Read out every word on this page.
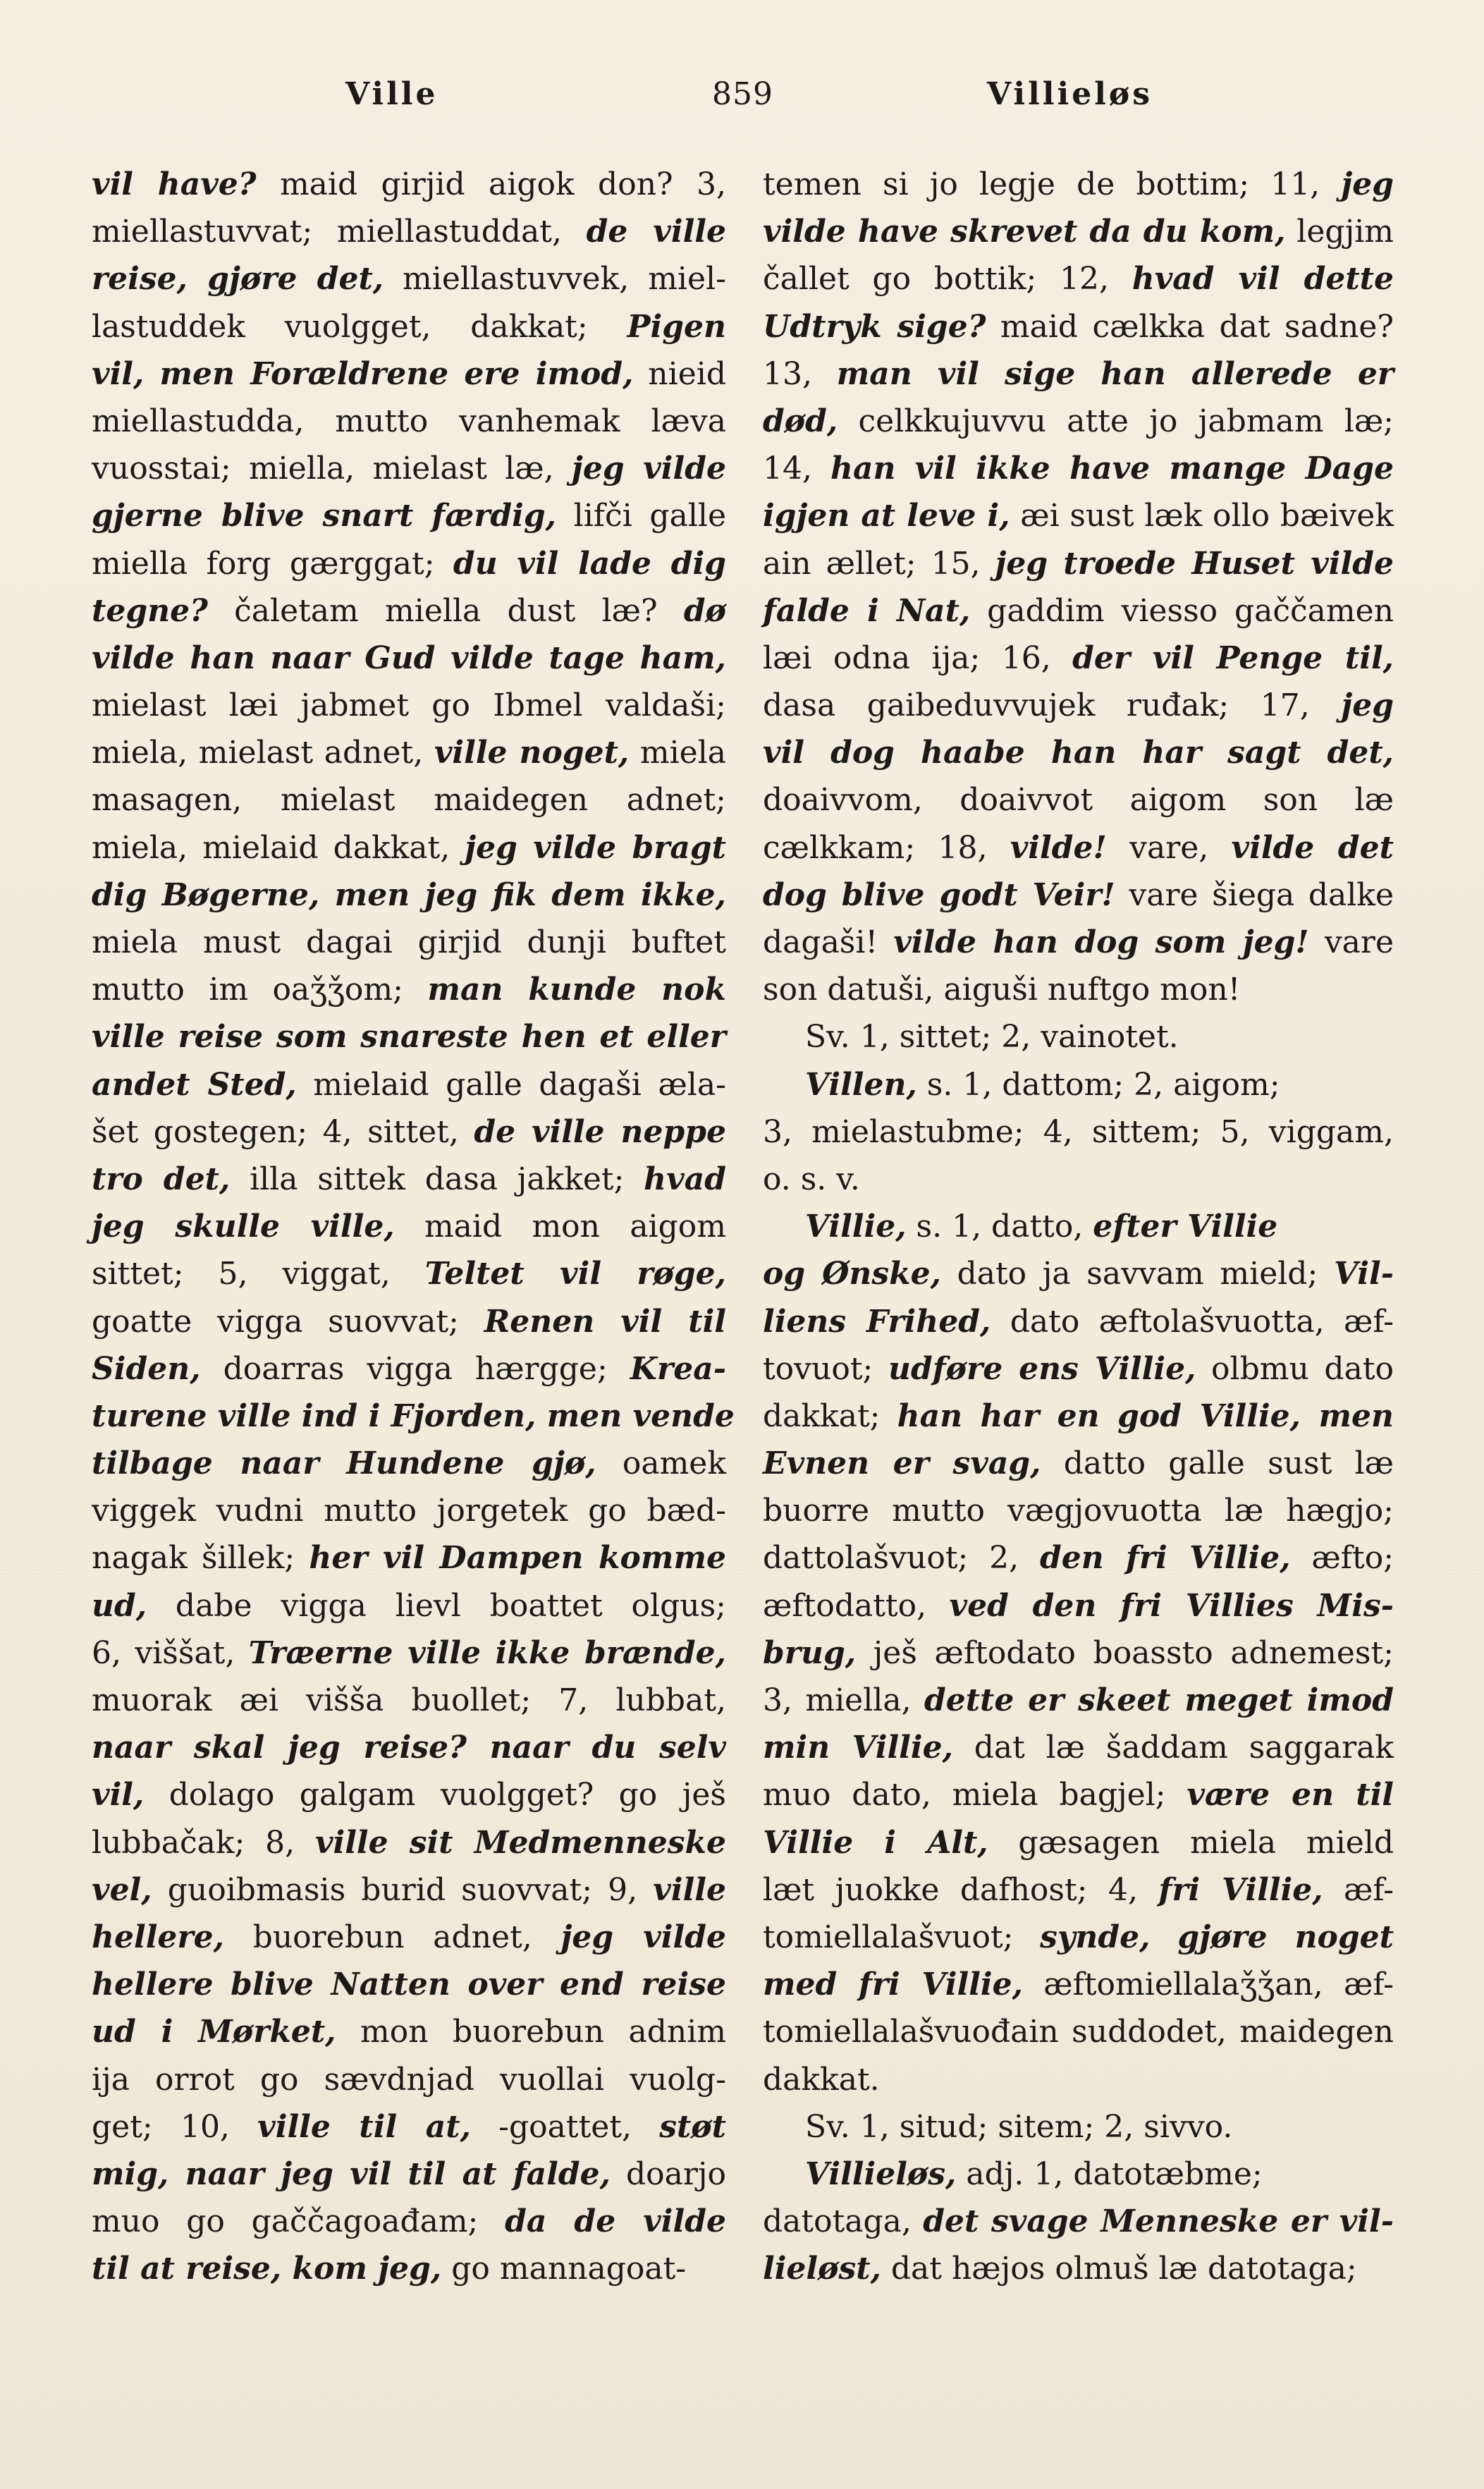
Ville	859	Villieløs
vil have? maid girjid aigok don? 3,
miellastuvvat; miellastuddat, de ville
reise, gjøre det, miellastuvvek, miel-
lastuddek vuolgget, dakkat; Pigen
vil, men Forældrene ere imod, nieid
miellastudda, mutto vanhemak læva
vuosstai; miella, mielast læ, jeg vilde
gjerne blive snart færdig, lifči galle
miella forg gærggat; du vil lade dig
tegne? čaletam miella dust læ? dø
vilde han naar Gud vilde tage ham,
mielast læi jabmet go Ibmel valdaši;
miela, mielast adnet, ville noget, miela
masagen, mielast maidegen adnet;
miela, mielaid dakkat, jeg vilde bragt
dig Bøgerne, men jeg fik dem ikke,
miela must dagai girjid dunji buftet
mutto im oaǯǯom; man kunde nok
ville reise som snareste hen et eller
andet Sted, mielaid galle dagaši æla-
šet gostegen; 4, sittet, de ville neppe
tro det, illa sittek dasa jakket; hvad
jeg skulle ville, maid mon aigom
sittet; 5, viggat, Teltet vil røge,
goatte vigga suovvat; Renen vil til
Siden, doarras vigga hærgge; Krea-
turene ville ind i Fjorden, men vende
tilbage naar Hundene gjø, oamek
viggek vudni mutto jorgetek go bæd-
nagak šillek; her vil Dampen komme
ud, dabe vigga lievl boattet olgus;
6, viššat, Træerne ville ikke brænde,
muorak æi višša buollet; 7, lubbat,
naar skal jeg reise? naar du selv
vil, dolago galgam vuolgget? go ješ
lubbačak; 8, ville sit Medmenneske
vel, guoibmasis burid suovvat; 9, ville
hellere, buorebun adnet, jeg vilde
hellere blive Natten over end reise
ud i Mørket, mon buorebun adnim
ija orrot go sævdnjad vuollai vuolg-
get; 10, ville til at, -goattet, støt
mig, naar jeg vil til at falde, doarjo
muo go gaččagoađam; da de vilde
til at reise, kom jeg, go mannagoat-
temen si jo legje de bottim; 11, jeg
vilde have skrevet da du kom, legjim
čallet go bottik; 12, hvad vil dette
Udtryk sige? maid cælkka dat sadne?
13, man vil sige han allerede er
død, celkkujuvvu atte jo jabmam læ;
14, han vil ikke have mange Dage
igjen at leve i, æi sust læk ollo bæivek
ain ællet; 15, jeg troede Huset vilde
falde i Nat, gaddim viesso gaččamen
læi odna ija; 16, der vil Penge til,
dasa gaibeduvvujek ruđak; 17, jeg
vil dog haabe han har sagt det,
doaivvom, doaivvot aigom son læ
cælkkam; 18, vilde! vare, vilde det
dog blive godt Veir! vare šiega dalke
dagaši! vilde han dog som jeg! vare
son datuši, aiguši nuftgo mon!
Sv. 1, sittet; 2, vainotet.
Villen, s. 1, dattom; 2, aigom;
3, mielastubme; 4, sittem; 5, viggam,
o. s. v.
Villie, s. 1, datto, efter Villie
og Ønske, dato ja savvam mield; Vil-
liens Frihed, dato æftolašvuotta, æf-
tovuot; udføre ens Villie, olbmu dato
dakkat; han har en god Villie, men
Evnen er svag, datto galle sust læ
buorre mutto vægjovuotta læ hægjo;
dattolašvuot; 2, den fri Villie, æfto;
æftodatto, ved den fri Villies Mis-
brug, ješ æftodato boassto adnemest;
3, miella, dette er skeet meget imod
min Villie, dat læ šaddam saggarak
muo dato, miela bagjel; være en til
Villie i Alt, gæsagen miela mield
læt juokke dafhost; 4, fri Villie, æf-
tomiellalašvuot; synde, gjøre noget
med fri Villie, æftomiellalaǯǯan, æf-
tomiellalašvuođain suddodet, maidegen
dakkat.
Sv. 1, situd; sitem; 2, sivvo.
Villieløs, adj. 1, datotæbme;
datotaga, det svage Menneske er vil-
lieløst, dat hæjos olmuš læ datotaga;
